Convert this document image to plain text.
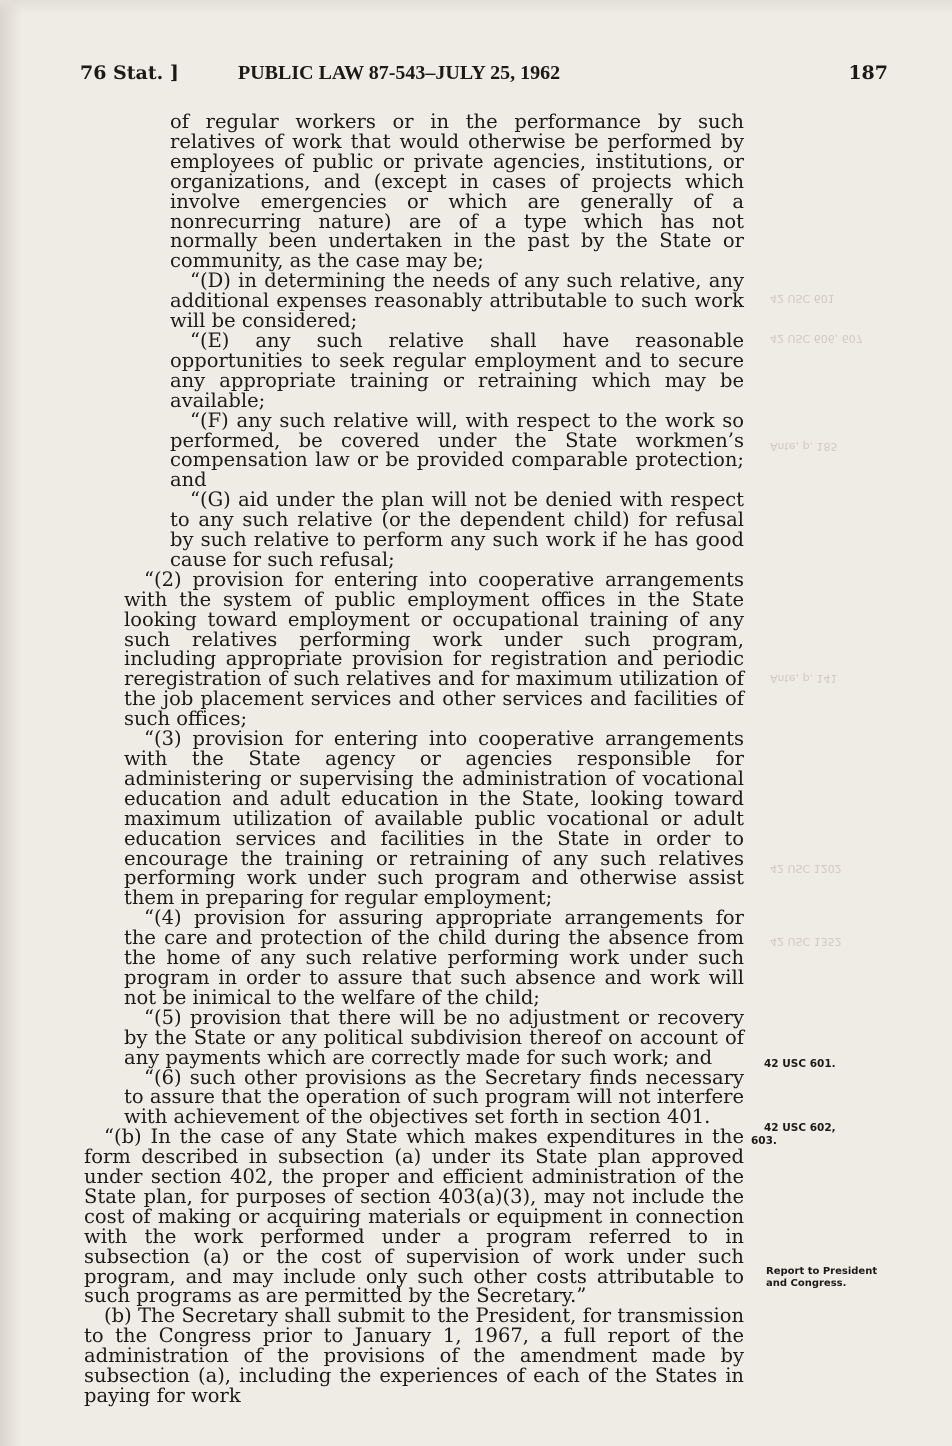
42 USC 601
42 USC 606, 607
Ante, p. 185
Ante, p. 141
42 USC 1202
42 USC 1352
76 Stat. ]	PUBLIC LAW 87-543–JULY 25, 1962	187

of regular workers or in the performance by such relatives of work that would otherwise be performed by employees of public or private agencies, institutions, or organizations, and (except in cases of projects which involve emergencies or which are generally of a nonrecurring nature) are of a type which has not normally been undertaken in the past by the State or community, as the case may be;

“(D) in determining the needs of any such relative, any additional expenses reasonably attributable to such work will be considered;

“(E) any such relative shall have reasonable opportunities to seek regular employment and to secure any appropriate training or retraining which may be available;

“(F) any such relative will, with respect to the work so performed, be covered under the State workmen’s compensation law or be provided comparable protection; and

“(G) aid under the plan will not be denied with respect to any such relative (or the dependent child) for refusal by such relative to perform any such work if he has good cause for such refusal;

“(2) provision for entering into cooperative arrangements with the system of public employment offices in the State looking toward employment or occupational training of any such relatives performing work under such program, including appropriate provision for registration and periodic reregistration of such relatives and for maximum utilization of the job placement services and other services and facilities of such offices;

“(3) provision for entering into cooperative arrangements with the State agency or agencies responsible for administering or supervising the administration of vocational education and adult education in the State, looking toward maximum utilization of available public vocational or adult education services and facilities in the State in order to encourage the training or retraining of any such relatives performing work under such program and otherwise assist them in preparing for regular employment;

“(4) provision for assuring appropriate arrangements for the care and protection of the child during the absence from the home of any such relative performing work under such program in order to assure that such absence and work will not be inimical to the welfare of the child;

“(5) provision that there will be no adjustment or recovery by the State or any political subdivision thereof on account of any payments which are correctly made for such work; and

“(6) such other provisions as the Secretary finds necessary to assure that the operation of such program will not interfere with achievement of the objectives set forth in section 401.

“(b) In the case of any State which makes expenditures in the form described in subsection (a) under its State plan approved under section 402, the proper and efficient administration of the State plan, for purposes of section 403(a)(3), may not include the cost of making or acquiring materials or equipment in connection with the work performed under a program referred to in subsection (a) or the cost of supervision of work under such program, and may include only such other costs attributable to such programs as are permitted by the Secretary.”

(b) The Secretary shall submit to the President, for transmission to the Congress prior to January 1, 1967, a full report of the administration of the provisions of the amendment made by subsection (a), including the experiences of each of the States in paying for work

42 USC 601.
42 USC 602, 603.
Report to President and Congress.
